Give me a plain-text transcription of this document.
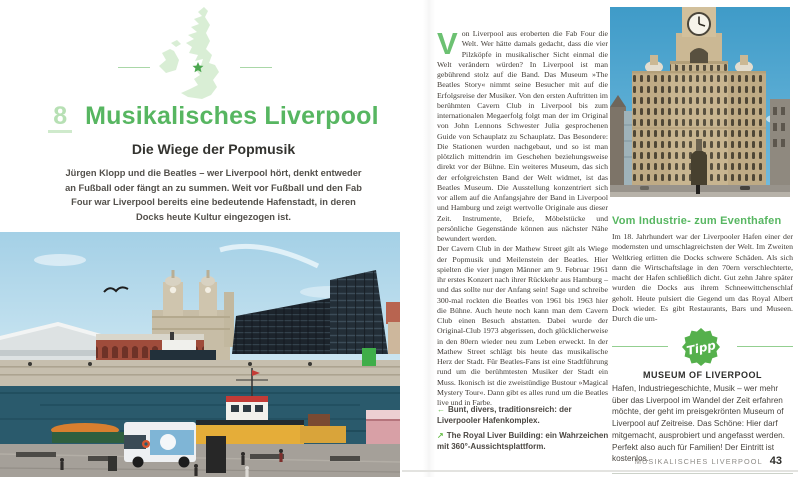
8 Musikalisches Liverpool
Die Wiege der Popmusik
Jürgen Klopp und die Beatles – wer Liverpool hört, denkt entweder an Fußball oder fängt an zu summen. Weit vor Fußball und den Fab Four war Liverpool bereits eine bedeutende Hafenstadt, in deren Docks heute Kultur eingezogen ist.

Von Liverpool aus eroberten die Fab Four die Welt. Wer hätte damals gedacht, dass die vier Pilzköpfe in musikalischer Sicht einmal die Welt verändern würden? In Liverpool ist man gebührend stolz auf die Band. Das Museum »The Beatles Story« nimmt seine Besucher mit auf die Erfolgsreise der Musiker. Von den ersten Auftritten im berühmten Cavern Club in Liverpool bis zum internationalen Megaerfolg folgt man der im Original von John Lennons Schwester Julia gesprochenen Guide von Schauplatz zu Schauplatz. Das Besondere: Die Stationen wurden nachgebaut, und so ist man plötzlich mittendrin im Geschehen beziehungsweise direkt vor der Bühne. Ein weiteres Museum, das sich der erfolgreichsten Band der Welt widmet, ist das Beatles Museum. Die Ausstellung konzentriert sich vor allem auf die Anfangsjahre der Band in Liverpool und Hamburg und zeigt wertvolle Originale aus dieser Zeit. Instrumente, Briefe, Möbelstücke und persönliche Gegenstände können aus nächster Nähe bewundert werden.

Der Cavern Club in der Mathew Street gilt als Wiege der Popmusik und Meilenstein der Beatles. Hier spielten die vier jungen Männer am 9. Februar 1961 ihr erstes Konzert nach ihrer Rückkehr aus Hamburg – und das sollte nur der Anfang sein! Sage und schreibe 300-mal rockten die Beatles von 1961 bis 1963 hier die Bühne. Auch heute noch kann man dem Cavern Club einen Besuch abstatten. Dabei wurde der Original-Club 1973 abgerissen, doch glücklicherweise in den 80ern wieder neu zum Leben erweckt. In der Mathew Street schlägt bis heute das musikalische Herz der Stadt. Für Beatles-Fans ist eine Stadtführung rund um die berühmtesten Musiker der Stadt ein Muss. Ikonisch ist die zweistündige Bustour »Magical Mystery Tour«. Dann gibt es alles rund um die Beatles live und in Farbe.

← Bunt, divers, traditionsreich: der Liverpooler Hafenkomplex.
↗ The Royal Liver Building: ein Wahrzeichen mit 360°-Aussichtsplattform.
Vom Industrie- zum Eventhafen
Im 18. Jahrhundert war der Liverpooler Hafen einer der modernsten und umschlagreichsten der Welt. Im Zweiten Weltkrieg erlitten die Docks schwere Schäden. Als sich dann die Wirtschaftslage in den 70ern verschlechterte, macht der Hafen schließlich dicht. Gut zehn Jahre später wurden die Docks aus ihrem Schneewittchenschlaf geholt. Heute pulsiert die Gegend um das Royal Albert Dock wieder. Es gibt Restaurants, Bars und Museen. Durch die um-
Tipp
MUSEUM OF LIVERPOOL
Hafen, Industriegeschichte, Musik – wer mehr über das Liverpool im Wandel der Zeit erfahren möchte, der geht im preisgekrönten Museum of Liverpool auf Zeitreise. Das Schöne: Hier darf mitgemacht, ausprobiert und angefasst werden. Perfekt also auch für Familien! Der Eintritt ist kostenlos.
MUSIKALISCHES LIVERPOOL 43
